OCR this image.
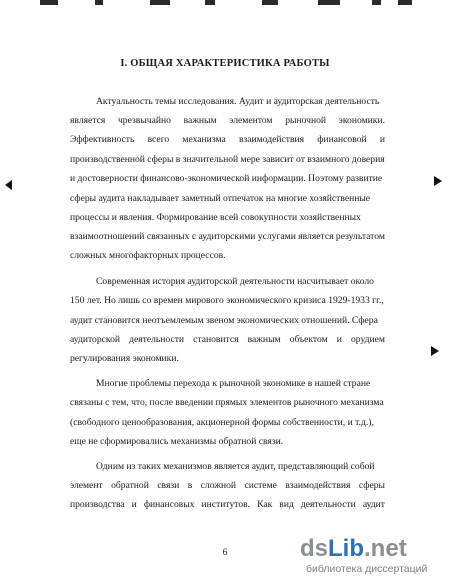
I. ОБЩАЯ ХАРАКТЕРИСТИКА РАБОТЫ
Актуальность темы исследования. Аудит и аудиторская деятельность
является чрезвычайно важным элементом рыночной экономики.
Эффективность всего механизма взаимодействия финансовой и
производственной сферы в значительной мере зависит от взаимного доверия
и достоверности финансово-экономической информации. Поэтому развитие
сферы аудита накладывает заметный отпечаток на многие хозяйственные
процессы и явления. Формирование всей совокупности хозяйственных
взаимоотношений связанных с аудиторскими услугами является результатом
сложных многофакторных процессов.
Современная история аудиторской деятельности насчитывает около
150 лет. Но лишь со времен мирового экономического кризиса 1929-1933 гг.,
аудит становится неотъемлемым звеном экономических отношений. Сфера
аудиторской деятельности становится важным объектом и орудием
регулирования экономики.
Многие проблемы перехода к рыночной экономике в нашей стране
связаны с тем, что, после введении прямых элементов рыночного механизма
(свободного ценообразования, акционерной формы собственности, и т.д.),
еще не сформировались механизмы обратной связи.
Одним из таких механизмов является аудит, представляющий собой
элемент обратной связи в сложной системе взаимодействия сферы
производства и финансовых институтов. Как вид деятельности аудит
6	dsLib.net
библиотека диссертаций
